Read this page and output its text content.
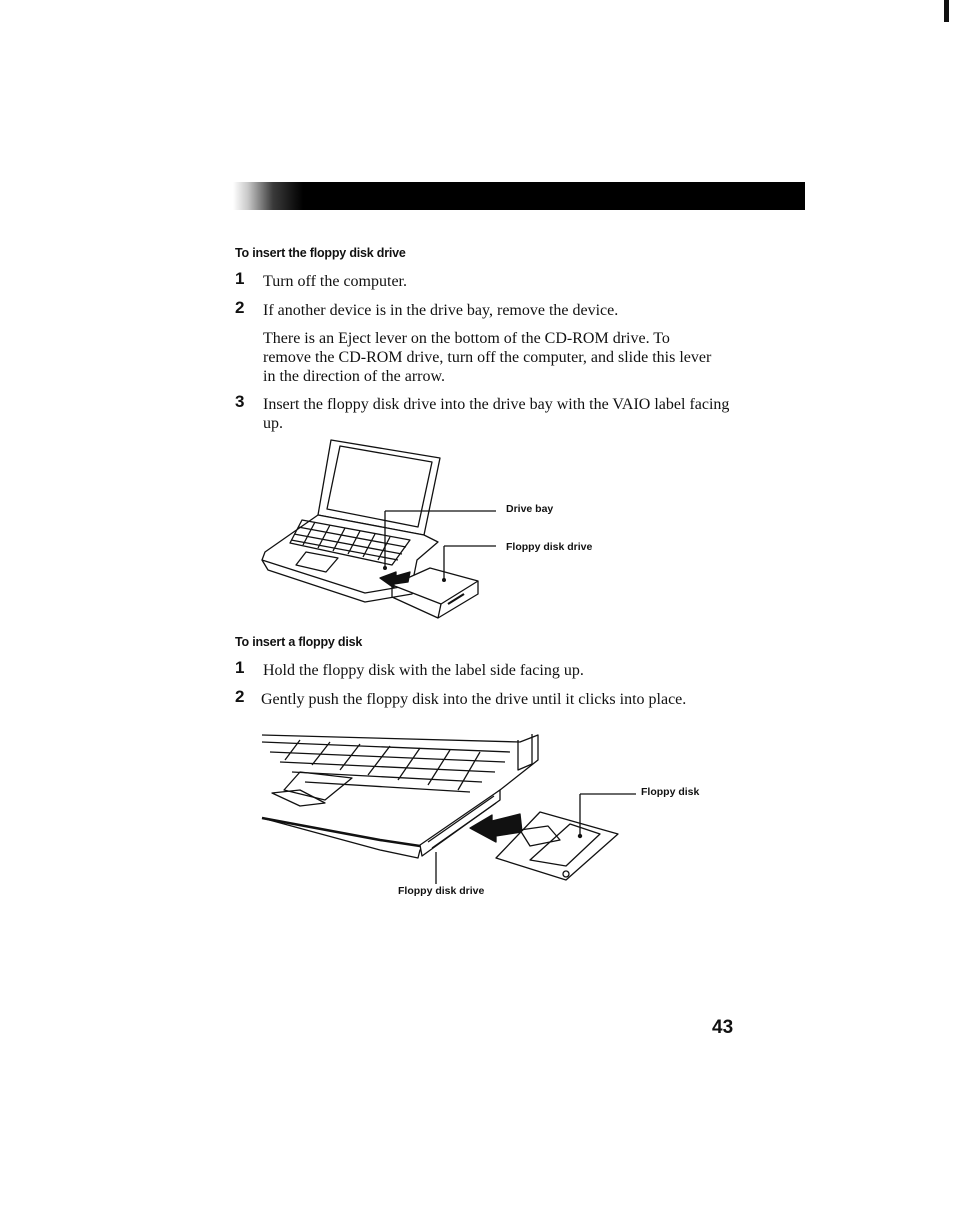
To insert the floppy disk drive
1 Turn off the computer.
2 If another device is in the drive bay, remove the device.
There is an Eject lever on the bottom of the CD-ROM drive. To remove the CD-ROM drive, turn off the computer, and slide this lever in the direction of the arrow.
3 Insert the floppy disk drive into the drive bay with the VAIO label facing up.
Drive bay
Floppy disk drive
To insert a floppy disk
1 Hold the floppy disk with the label side facing up.
2 Gently push the floppy disk into the drive until it clicks into place.
Floppy disk
Floppy disk drive
43
